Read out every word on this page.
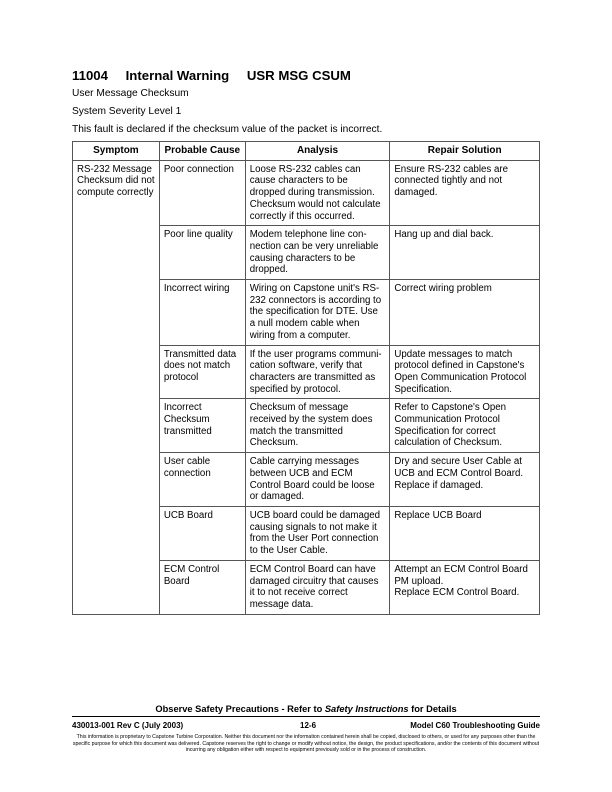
11004 Internal Warning USR MSG CSUM
User Message Checksum
System Severity Level 1
This fault is declared if the checksum value of the packet is incorrect.
Symptom	Probable Cause	Analysis	Repair Solution
RS-232 Message Checksum did not compute correctly	Poor connection	Loose RS-232 cables can cause characters to be dropped during transmission. Checksum would not calculate correctly if this occurred.	Ensure RS-232 cables are connected tightly and not damaged.
	Poor line quality	Modem telephone line con-nection can be very unreliable causing characters to be dropped.	Hang up and dial back.
	Incorrect wiring	Wiring on Capstone unit's RS-232 connectors is according to the specification for DTE. Use a null modem cable when wiring from a computer.	Correct wiring problem
	Transmitted data does not match protocol	If the user programs communi-cation software, verify that characters are transmitted as specified by protocol.	Update messages to match protocol defined in Capstone's Open Communication Protocol Specification.
	Incorrect Checksum transmitted	Checksum of message received by the system does match the transmitted Checksum.	Refer to Capstone's Open Communication Protocol Specification for correct calculation of Checksum.
	User cable connection	Cable carrying messages between UCB and ECM Control Board could be loose or damaged.	Dry and secure User Cable at UCB and ECM Control Board. Replace if damaged.
	UCB Board	UCB board could be damaged causing signals to not make it from the User Port connection to the User Cable.	Replace UCB Board
	ECM Control Board	ECM Control Board can have damaged circuitry that causes it to not receive correct message data.	Attempt an ECM Control Board PM upload.
Replace ECM Control Board.
Observe Safety Precautions - Refer to Safety Instructions for Details
430013-001 Rev C (July 2003)	12-6	Model C60 Troubleshooting Guide
This information is proprietary to Capstone Turbine Corporation. Neither this document nor the information contained herein shall be copied, disclosed to others, or used for any purposes other than the specific purpose for which this document was delivered. Capstone reserves the right to change or modify without notice, the design, the product specifications, and/or the contents of this document without incurring any obligation either with respect to equipment previously sold or in the process of construction.
